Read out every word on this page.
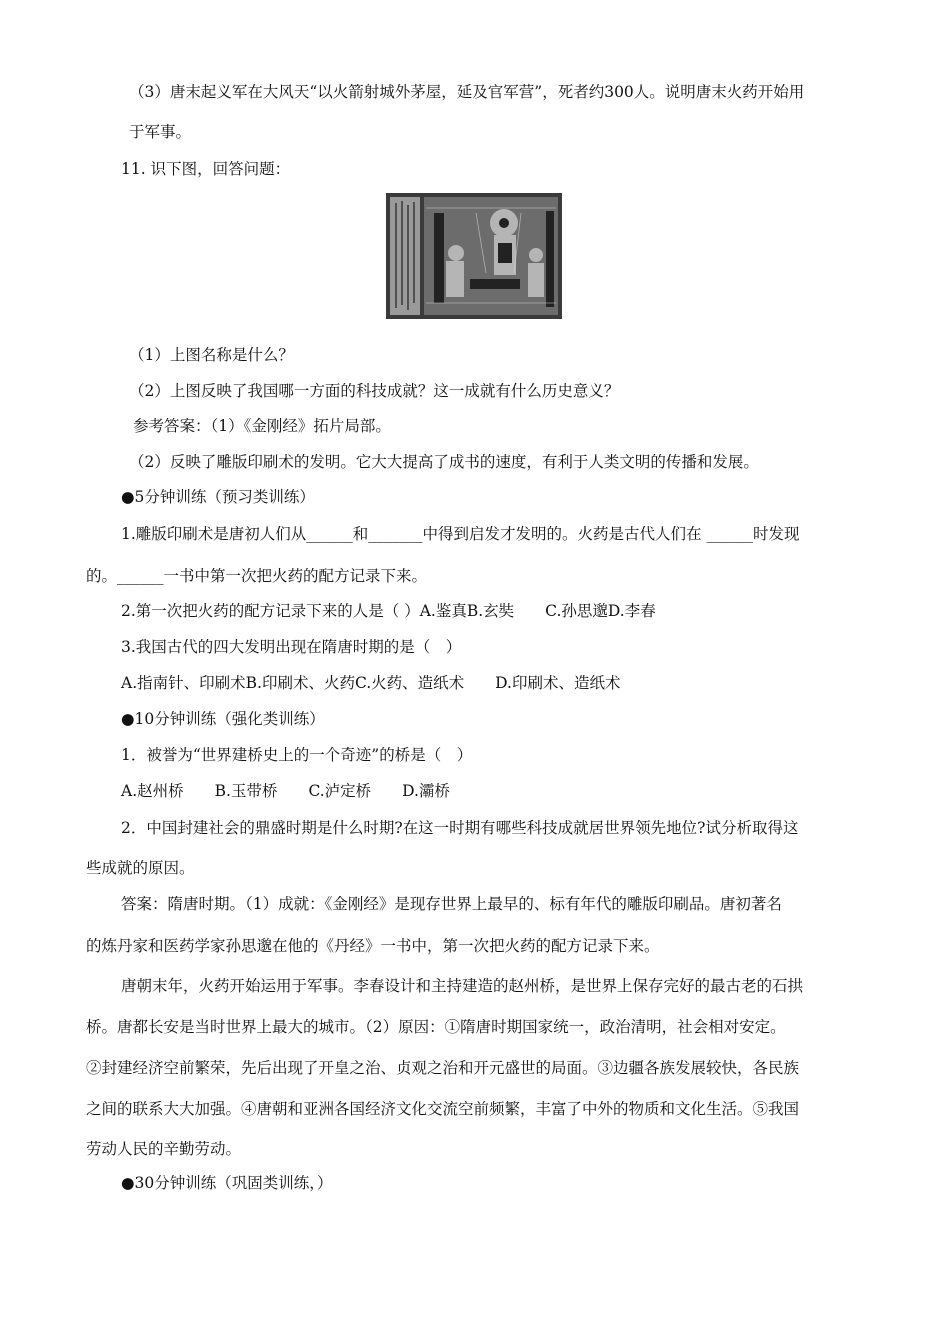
（3）唐末起义军在大风天“以火箭射城外茅屋，延及官军营”，死者约300人。说明唐末火药开始用
于军事。
11. 识下图，回答问题：
（1）上图名称是什么？
（2）上图反映了我国哪一方面的科技成就？这一成就有什么历史意义？
参考答案：（1）《金刚经》拓片局部。
（2）反映了雕版印刷术的发明。它大大提高了成书的速度，有利于人类文明的传播和发展。
●5分钟训练（预习类训练）
1.雕版印刷术是唐初人们从______和_______中得到启发才发明的。火药是古代人们在 ______时发现
的。______一书中第一次把火药的配方记录下来。
2.第一次把火药的配方记录下来的人是（ ）A.鉴真B.玄奘　　C.孙思邈D.李春
3.我国古代的四大发明出现在隋唐时期的是（　）
A.指南针、印刷术B.印刷术、火药C.火药、造纸术　　D.印刷术、造纸术
●10分钟训练（强化类训练）
1．被誉为“世界建桥史上的一个奇迹”的桥是（　）
A.赵州桥　　B.玉带桥　　C.泸定桥　　D.灞桥
2．中国封建社会的鼎盛时期是什么时期?在这一时期有哪些科技成就居世界领先地位?试分析取得这
些成就的原因。
答案：隋唐时期。（1）成就：《金刚经》是现存世界上最早的、标有年代的雕版印刷品。唐初著名
的炼丹家和医药学家孙思邈在他的《丹经》一书中，第一次把火药的配方记录下来。
唐朝末年，火药开始运用于军事。李春设计和主持建造的赵州桥，是世界上保存完好的最古老的石拱
桥。唐都长安是当时世界上最大的城市。（2）原因：①隋唐时期国家统一，政治清明，社会相对安定。
②封建经济空前繁荣，先后出现了开皇之治、贞观之治和开元盛世的局面。③边疆各族发展较快，各民族
之间的联系大大加强。④唐朝和亚洲各国经济文化交流空前频繁，丰富了中外的物质和文化生活。⑤我国
劳动人民的辛勤劳动。
●30分钟训练（巩固类训练，）
